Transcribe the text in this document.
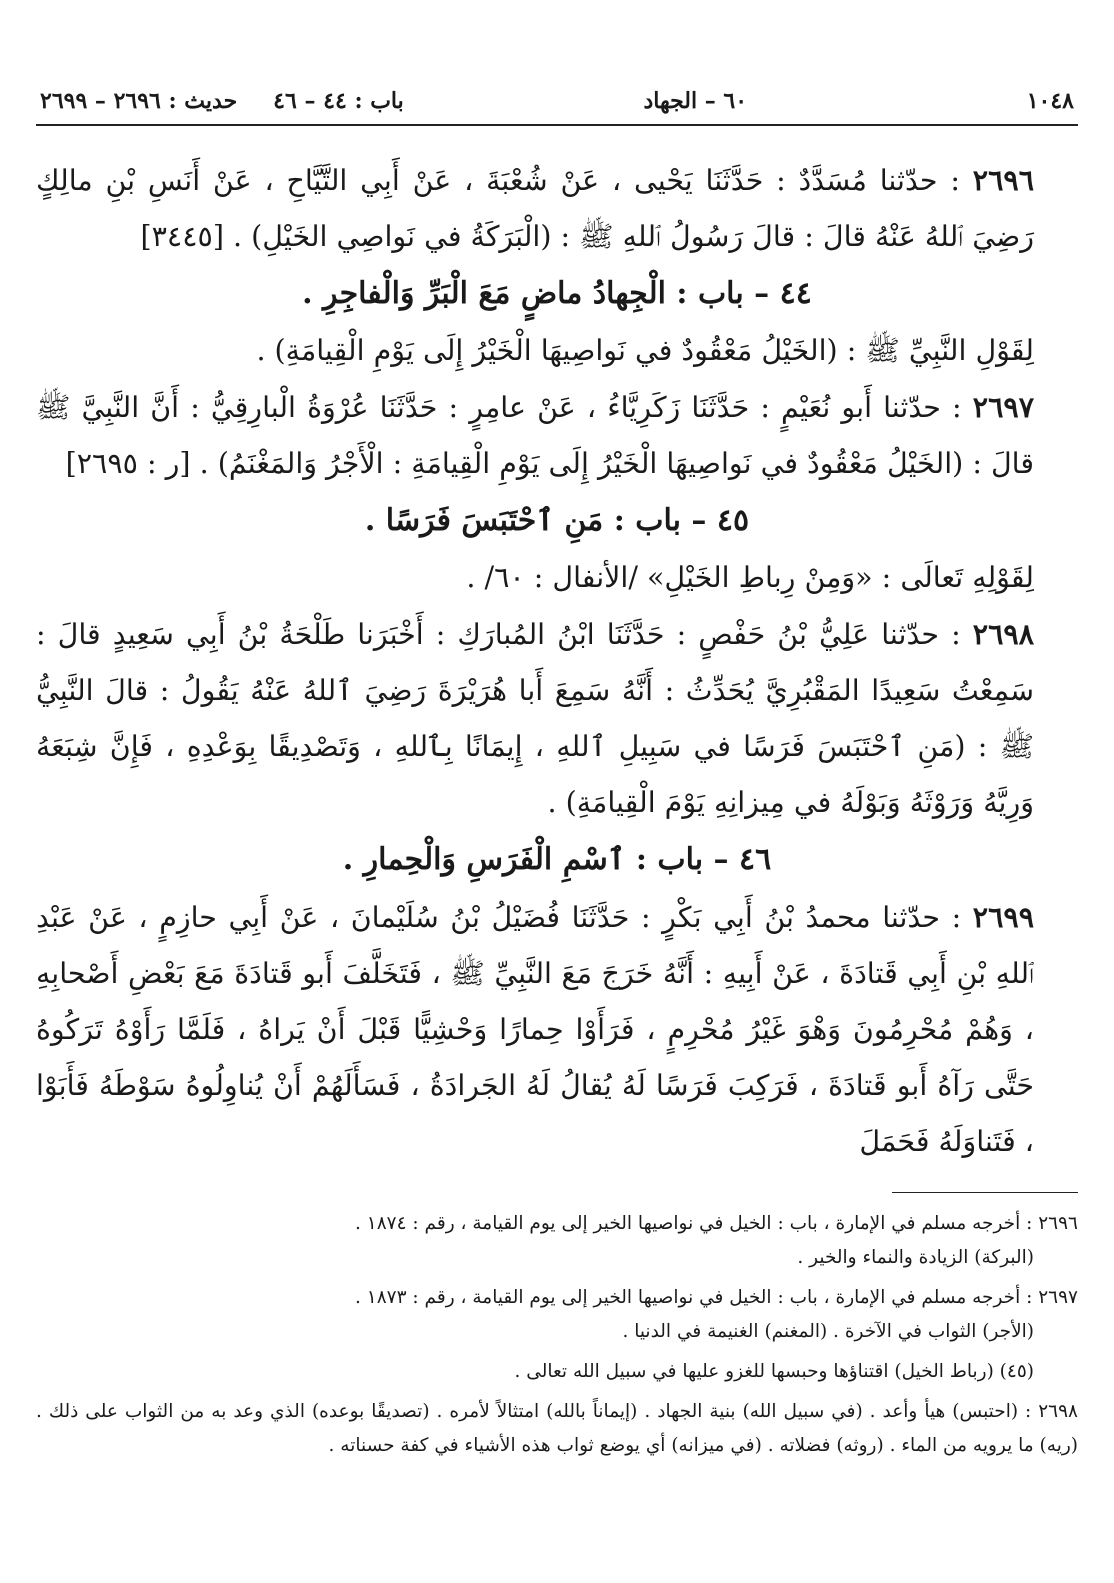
١٠٤٨
٦٠ – الجهاد
باب : ٤٤ – ٤٦
حديث : ٢٦٩٦ – ٢٦٩٩

٢٦٩٦ : حدّثنا مُسَدَّدٌ : حَدَّثَنَا يَحْيى ، عَنْ شُعْبَةَ ، عَنْ أَبِي التَّيَّاحِ ، عَنْ أَنَسِ بْنِ مالِكٍ رَضِيَ ٱللهُ عَنْهُ قالَ : قالَ رَسُولُ ٱللهِ ﷺ : (الْبَرَكَةُ في نَواصِي الخَيْلِ) . [٣٤٤٥]

٤٤ – باب : الْجِهادُ ماضٍ مَعَ الْبَرِّ وَالْفاجِرِ .

لِقَوْلِ النَّبِيِّ ﷺ : (الخَيْلُ مَعْقُودٌ في نَواصِيهَا الْخَيْرُ إِلَى يَوْمِ الْقِيامَةِ) .

٢٦٩٧ : حدّثنا أَبو نُعَيْمٍ : حَدَّثَنَا زَكَرِيَّاءُ ، عَنْ عامِرٍ : حَدَّثَنَا عُرْوَةُ الْبارِقِيُّ : أَنَّ النَّبِيَّ ﷺ قالَ : (الخَيْلُ مَعْقُودٌ في نَواصِيهَا الْخَيْرُ إِلَى يَوْمِ الْقِيامَةِ : الْأَجْرُ وَالمَغْنَمُ) . [ر : ٢٦٩٥]

٤٥ – باب : مَنِ ٱحْتَبَسَ فَرَسًا .

لِقَوْلِهِ تَعالَى : «وَمِنْ رِباطِ الخَيْلِ» /الأنفال : ٦٠/ .

٢٦٩٨ : حدّثنا عَلِيُّ بْنُ حَفْصٍ : حَدَّثَنَا ابْنُ المُبارَكِ : أَخْبَرَنا طَلْحَةُ بْنُ أَبِي سَعِيدٍ قالَ : سَمِعْتُ سَعِيدًا المَقْبُرِيَّ يُحَدِّثُ : أَنَّهُ سَمِعَ أَبا هُرَيْرَةَ رَضِيَ ٱللهُ عَنْهُ يَقُولُ : قالَ النَّبِيُّ ﷺ : (مَنِ ٱحْتَبَسَ فَرَسًا في سَبِيلِ ٱللهِ ، إِيمَانًا بِٱللهِ ، وَتَصْدِيقًا بِوَعْدِهِ ، فَإِنَّ شِبَعَهُ وَرِيَّهُ وَرَوْثَهُ وَبَوْلَهُ في مِيزانِهِ يَوْمَ الْقِيامَةِ) .

٤٦ – باب : ٱسْمِ الْفَرَسِ وَالْحِمارِ .

٢٦٩٩ : حدّثنا محمدُ بْنُ أَبِي بَكْرٍ : حَدَّثَنَا فُضَيْلُ بْنُ سُلَيْمانَ ، عَنْ أَبِي حازِمٍ ، عَنْ عَبْدِ ٱللهِ بْنِ أَبِي قَتادَةَ ، عَنْ أَبِيهِ : أَنَّهُ خَرَجَ مَعَ النَّبِيِّ ﷺ ، فَتَخَلَّفَ أَبو قَتادَةَ مَعَ بَعْضِ أَصْحابِهِ ، وَهُمْ مُحْرِمُونَ وَهْوَ غَيْرُ مُحْرِمٍ ، فَرَأَوْا حِمارًا وَحْشِيًّا قَبْلَ أَنْ يَراهُ ، فَلَمَّا رَأَوْهُ تَرَكُوهُ حَتَّى رَآهُ أَبو قَتادَةَ ، فَرَكِبَ فَرَسًا لَهُ يُقالُ لَهُ الجَرادَةُ ، فَسَأَلَهُمْ أَنْ يُناوِلُوهُ سَوْطَهُ فَأَبَوْا ، فَتَناوَلَهُ فَحَمَلَ

٢٦٩٦ : أخرجه مسلم في الإمارة ، باب : الخيل في نواصيها الخير إلى يوم القيامة ، رقم : ١٨٧٤ .

(البركة) الزيادة والنماء والخير .

٢٦٩٧ : أخرجه مسلم في الإمارة ، باب : الخيل في نواصيها الخير إلى يوم القيامة ، رقم : ١٨٧٣ .

(الأجر) الثواب في الآخرة . (المغنم) الغنيمة في الدنيا .

(٤٥) (رباط الخيل) اقتناؤها وحبسها للغزو عليها في سبيل الله تعالى .

٢٦٩٨ : (احتبس) هيأ وأعد . (في سبيل الله) بنية الجهاد . (إيماناً بالله) امتثالاً لأمره . (تصديقًا بوعده) الذي وعد به من الثواب على ذلك . (ريه) ما يرويه من الماء . (روثه) فضلاته . (في ميزانه) أي يوضع ثواب هذه الأشياء في كفة حسناته .
